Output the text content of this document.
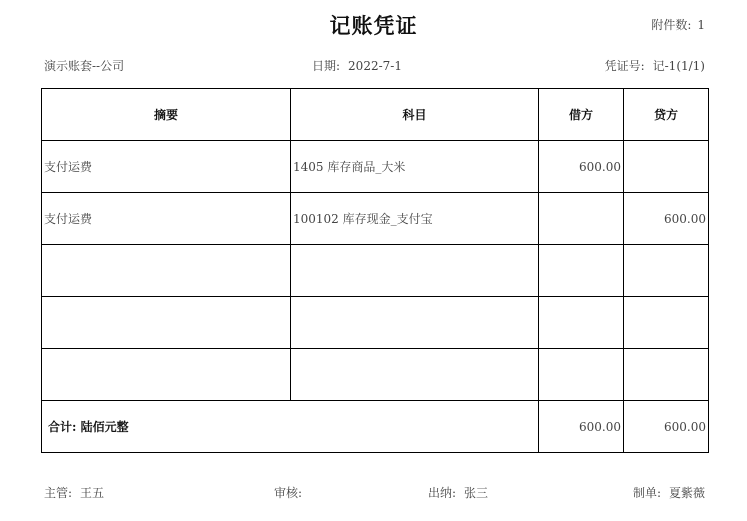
记账凭证	附件数: 1
演示账套--公司	日期: 2022-7-1	凭证号: 记-1(1/1)
摘要	科目	借方	贷方
支付运费	1405 库存商品_大米	600.00	
支付运费	100102 库存现金_支付宝		600.00

合计: 陆佰元整		600.00	600.00
主管: 王五	审核:	出纳: 张三	制单: 夏紫薇
